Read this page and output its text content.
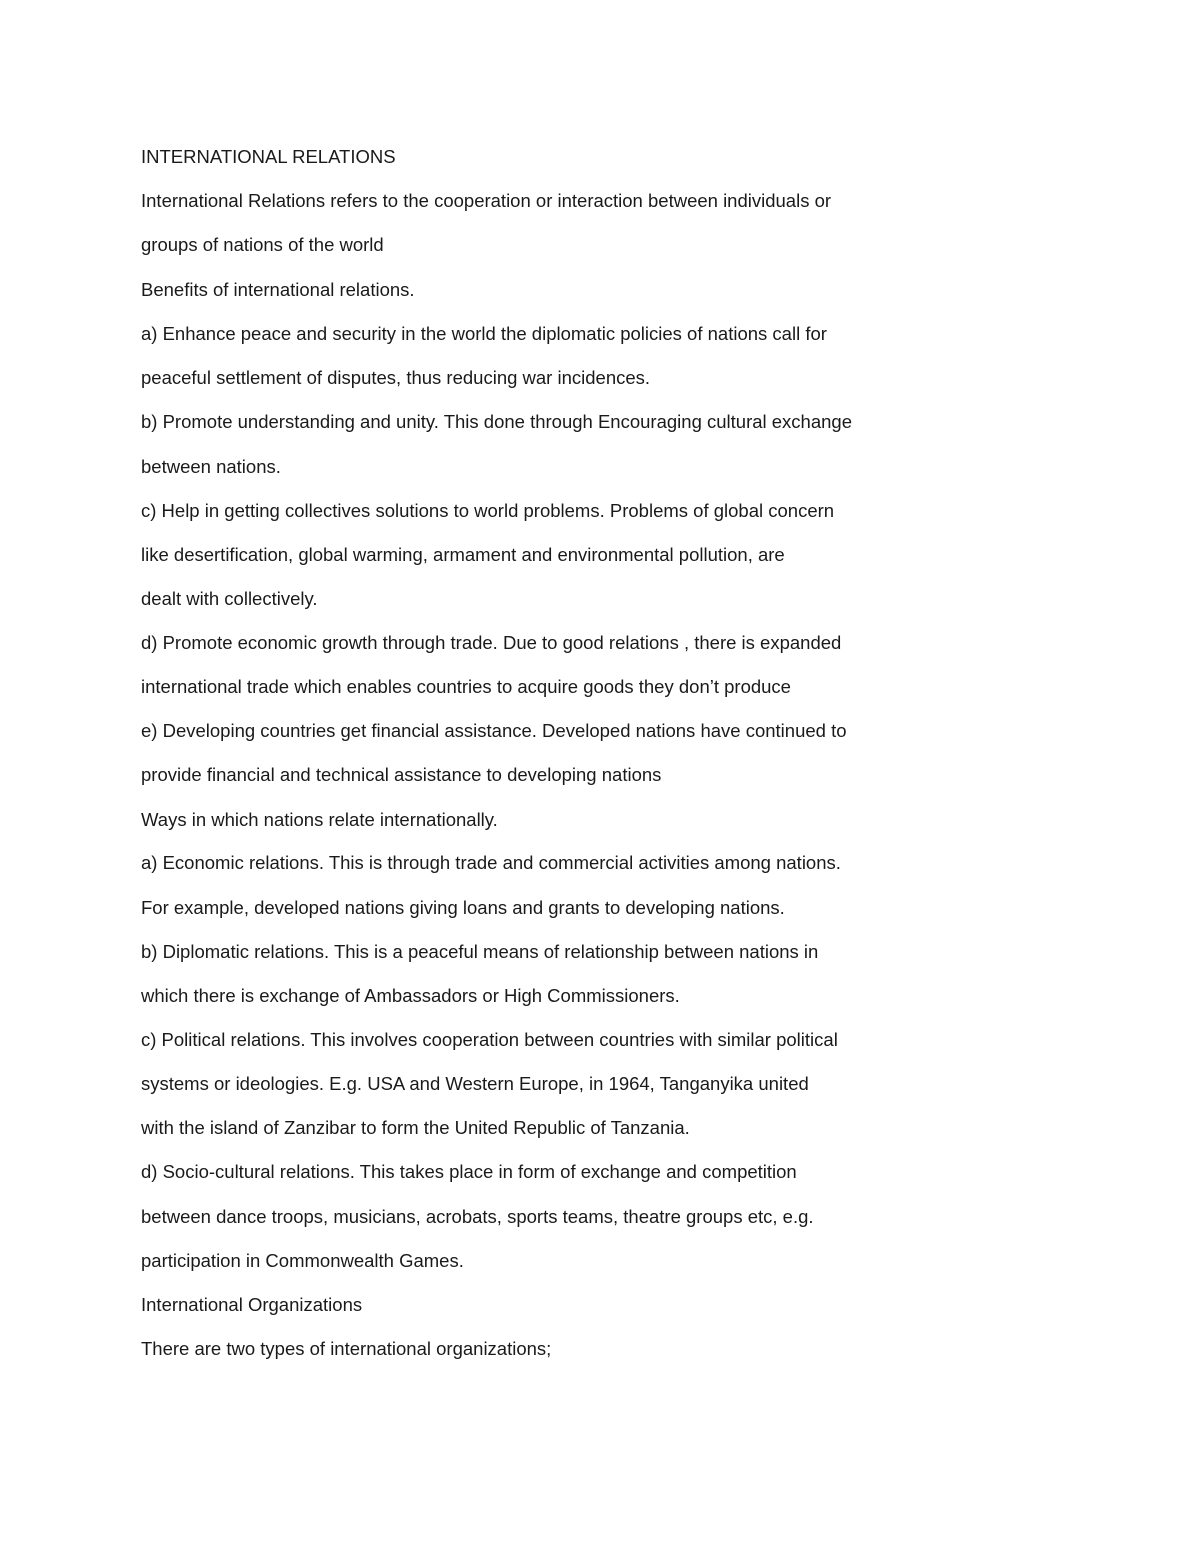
INTERNATIONAL RELATIONS

International Relations refers to the cooperation or interaction between individuals or

groups of nations of the world

Benefits of international relations.

a) Enhance peace and security in the world the diplomatic policies of nations call for

peaceful settlement of disputes, thus reducing war incidences.

b) Promote understanding and unity. This done through Encouraging cultural exchange

between nations.

c) Help in getting collectives solutions to world problems. Problems of global concern

like desertification, global warming, armament and environmental pollution, are

dealt with collectively.

d) Promote economic growth through trade. Due to good relations , there is expanded

international trade which enables countries to acquire goods they don’t produce

e) Developing countries get financial assistance. Developed nations have continued to

provide financial and technical assistance to developing nations

Ways in which nations relate internationally.

a) Economic relations. This is through trade and commercial activities among nations.

For example, developed nations giving loans and grants to developing nations.

b) Diplomatic relations. This is a peaceful means of relationship between nations in

which there is exchange of Ambassadors or High Commissioners.

c) Political relations. This involves cooperation between countries with similar political

systems or ideologies. E.g. USA and Western Europe, in 1964, Tanganyika united

with the island of Zanzibar to form the United Republic of Tanzania.

d) Socio-cultural relations. This takes place in form of exchange and competition

between dance troops, musicians, acrobats, sports teams, theatre groups etc, e.g.

participation in Commonwealth Games.

International Organizations

There are two types of international organizations;
